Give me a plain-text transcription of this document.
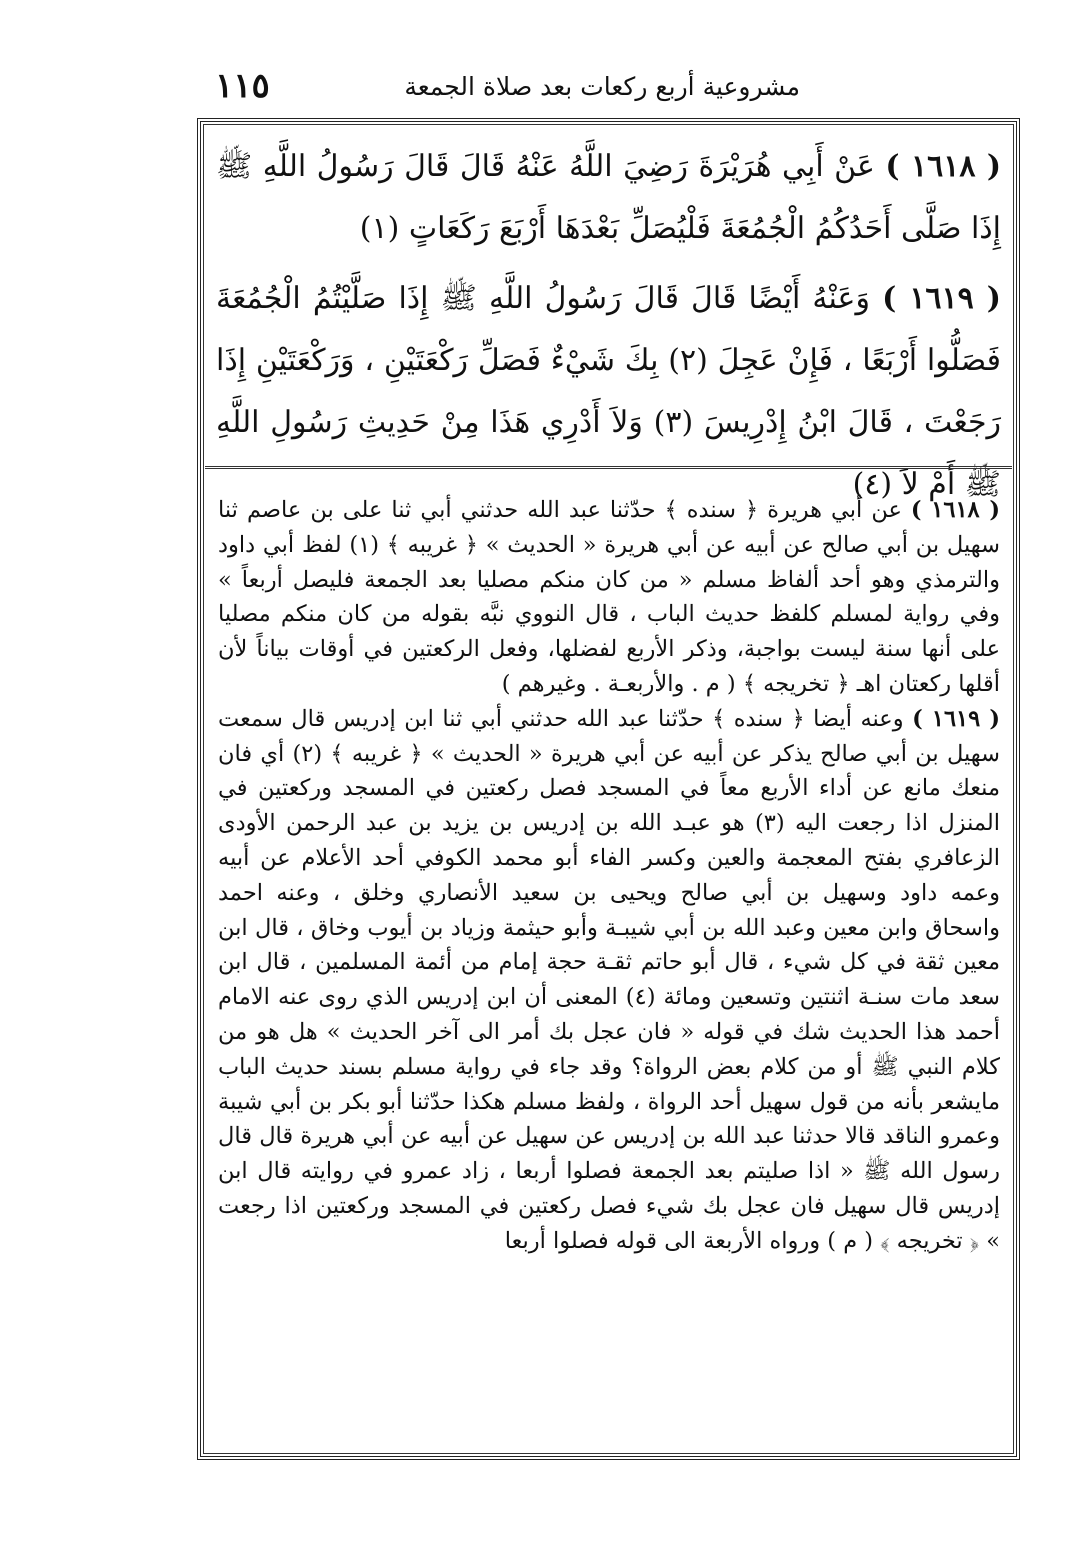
١١٥	مشروعية أربع ركعات بعد صلاة الجمعة

( ١٦١٨ ) عَنْ أَبِي هُرَيْرَةَ رَضِيَ اللَّهُ عَنْهُ قَالَ قَالَ رَسُولُ اللَّهِ ﷺ إِذَا صَلَّى أَحَدُكُمُ الْجُمُعَةَ فَلْيُصَلِّ بَعْدَهَا أَرْبَعَ رَكَعَاتٍ (١)

( ١٦١٩ ) وَعَنْهُ أَيْضًا قَالَ قَالَ رَسُولُ اللَّهِ ﷺ إِذَا صَلَّيْتُمُ الْجُمُعَةَ فَصَلُّوا أَرْبَعًا ، فَإِنْ عَجِلَ (٢) بِكَ شَيْءٌ فَصَلِّ رَكْعَتَيْنِ ، وَرَكْعَتَيْنِ إِذَا رَجَعْتَ ، قَالَ ابْنُ إِدْرِيسَ (٣) وَلاَ أَدْرِي هَذَا مِنْ حَدِيثِ رَسُولِ اللَّهِ ﷺ أَمْ لاَ (٤)

( ١٦١٨ ) عن أبي هريرة ﴿ سنده ﴾ حدّثنا عبد الله حدثني أبي ثنا على بن عاصم ثنا سهيل بن أبي صالح عن أبيه عن أبي هريرة « الحديث » ﴿ غريبه ﴾ (١) لفظ أبي داود والترمذي وهو أحد ألفاظ مسلم « من كان منكم مصليا بعد الجمعة فليصل أربعاً » وفي رواية لمسلم كلفظ حديث الباب ، قال النووي نبَّه بقوله من كان منكم مصليا على أنها سنة ليست بواجبة، وذكر الأربع لفضلها، وفعل الركعتين في أوقات بياناً لأن أقلها ركعتان اهـ ﴿ تخريجه ﴾ ( م . والأربعـة . وغيرهم )

( ١٦١٩ ) وعنه أيضا ﴿ سنده ﴾ حدّثنا عبد الله حدثني أبي ثنا ابن إدريس قال سمعت سهيل بن أبي صالح يذكر عن أبيه عن أبي هريرة « الحديث » ﴿ غريبه ﴾ (٢) أي فان منعك مانع عن أداء الأربع معاً في المسجد فصل ركعتين في المسجد وركعتين في المنزل اذا رجعت اليه (٣) هو عبـد الله بن إدريس بن يزيد بن عبد الرحمن الأودى الزعافري بفتح المعجمة والعين وكسر الفاء أبو محمد الكوفي أحد الأعلام عن أبيه وعمه داود وسهيل بن أبي صالح ويحيى بن سعيد الأنصاري وخلق ، وعنه احمد واسحاق وابن معين وعبد الله بن أبي شيبـة وأبو حيثمة وزياد بن أيوب وخاق ، قال ابن معين ثقة في كل شيء ، قال أبو حاتم ثقـة حجة إمام من أئمة المسلمين ، قال ابن سعد مات سنـة اثنتين وتسعين ومائة (٤) المعنى أن ابن إدريس الذي روى عنه الامام أحمد هذا الحديث شك في قوله « فان عجل بك أمر الى آخر الحديث » هل هو من كلام النبي ﷺ أو من كلام بعض الرواة؟ وقد جاء في رواية مسلم بسند حديث الباب مايشعر بأنه من قول سهيل أحد الرواة ، ولفظ مسلم هكذا حدّثنا أبو بكر بن أبي شيبة وعمرو الناقد قالا حدثنا عبد الله بن إدريس عن سهيل عن أبيه عن أبي هريرة قال قال رسول الله ﷺ « اذا صليتم بعد الجمعة فصلوا أربعا ، زاد عمرو في روايته قال ابن إدريس قال سهيل فان عجل بك شيء فصل ركعتين في المسجد وركعتين اذا رجعت » ﴿ تخريجه ﴾ ( م ) ورواه الأربعة الى قوله فصلوا أربعا
